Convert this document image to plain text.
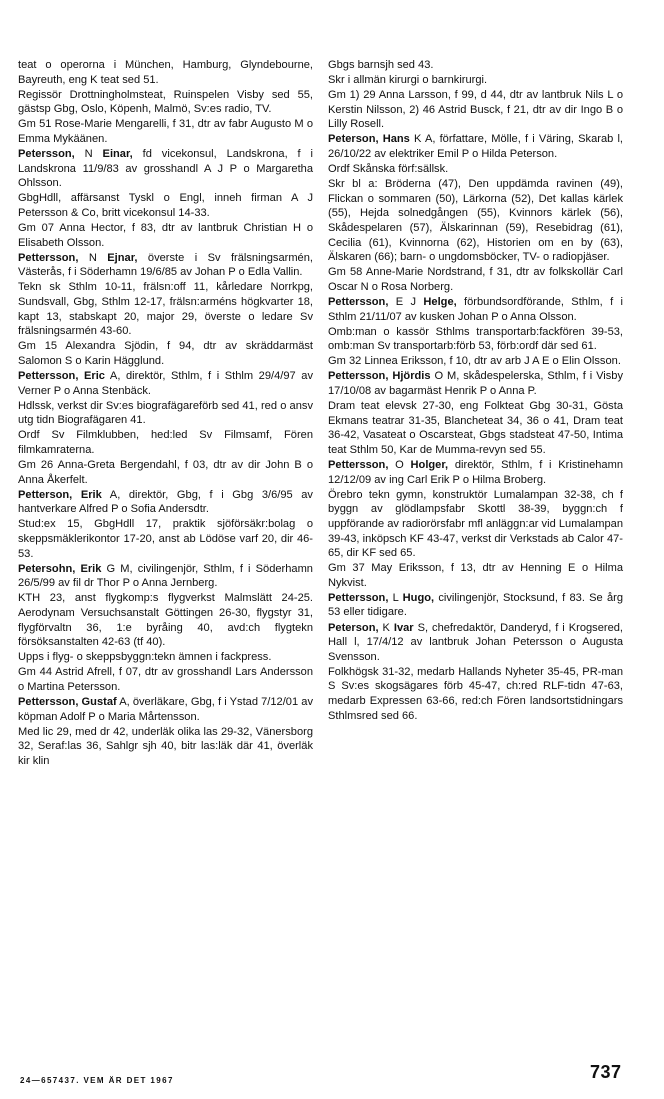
teat o operorna i München, Hamburg, Glyndebourne, Bayreuth, eng K teat sed 51.

Regissör Drottningholmsteat, Ruinspelen Visby sed 55, gästsp Gbg, Oslo, Köpenh, Malmö, Sv:es radio, TV.

Gm 51 Rose-Marie Mengarelli, f 31, dtr av fabr Augusto M o Emma Mykäänen.

Petersson, N Einar, fd vicekonsul, Landskrona, f i Landskrona 11/9/83 av grosshandl A J P o Margaretha Ohlsson.

GbgHdll, affärsanst Tyskl o Engl, inneh firman A J Petersson & Co, britt vicekonsul 14-33.

Gm 07 Anna Hector, f 83, dtr av lantbruk Christian H o Elisabeth Olsson.

Pettersson, N Ejnar, överste i Sv frälsningsarmén, Västerås, f i Söderhamn 19/6/85 av Johan P o Edla Vallin.

Tekn sk Sthlm 10-11, frälsn:off 11, kårledare Norrkpg, Sundsvall, Gbg, Sthlm 12-17, frälsn:arméns högkvarter 18, kapt 13, stabskapt 20, major 29, överste o ledare Sv frälsningsarmén 43-60.

Gm 15 Alexandra Sjödin, f 94, dtr av skräddarmäst Salomon S o Karin Hägglund.

Pettersson, Eric A, direktör, Sthlm, f i Sthlm 29/4/97 av Verner P o Anna Stenbäck.

Hdlssk, verkst dir Sv:es biografägareförb sed 41, red o ansv utg tidn Biografägaren 41.

Ordf Sv Filmklubben, hed:led Sv Filmsamf, Fören filmkamraterna.

Gm 26 Anna-Greta Bergendahl, f 03, dtr av dir John B o Anna Åkerfelt.

Petterson, Erik A, direktör, Gbg, f i Gbg 3/6/95 av hantverkare Alfred P o Sofia Andersdtr.

Stud:ex 15, GbgHdll 17, praktik sjöförsäkr:bolag o skeppsmäklerikontor 17-20, anst ab Lödöse varf 20, dir 46-53.

Petersohn, Erik G M, civilingenjör, Sthlm, f i Söderhamn 26/5/99 av fil dr Thor P o Anna Jernberg.

KTH 23, anst flygkomp:s flygverkst Malmslätt 24-25. Aerodynam Versuchsanstalt Göttingen 26-30, flygstyr 31, flygförvaltn 36, 1:e byråing 40, avd:ch flygtekn försöksanstalten 42-63 (tf 40).

Upps i flyg- o skeppsbyggn:tekn ämnen i fackpress.

Gm 44 Astrid Afrell, f 07, dtr av grosshandl Lars Andersson o Martina Petersson.

Pettersson, Gustaf A, överläkare, Gbg, f i Ystad 7/12/01 av köpman Adolf P o Maria Mårtensson.

Med lic 29, med dr 42, underläk olika las 29-32, Vänersborg 32, Seraf:las 36, Sahlgr sjh 40, bitr las:läk där 41, överläk kir klin

Gbgs barnsjh sed 43.

Skr i allmän kirurgi o barnkirurgi.

Gm 1) 29 Anna Larsson, f 99, d 44, dtr av lantbruk Nils L o Kerstin Nilsson, 2) 46 Astrid Busck, f 21, dtr av dir Ingo B o Lilly Rosell.

Peterson, Hans K A, författare, Mölle, f i Väring, Skarab l, 26/10/22 av elektriker Emil P o Hilda Peterson.

Ordf Skånska förf:sällsk.

Skr bl a: Bröderna (47), Den uppdämda ravinen (49), Flickan o sommaren (50), Lärkorna (52), Det kallas kärlek (55), Hejda solnedgången (55), Kvinnors kärlek (56), Skådespelaren (57), Älskarinnan (59), Resebidrag (61), Cecilia (61), Kvinnorna (62), Historien om en by (63), Älskaren (66); barn- o ungdomsböcker, TV- o radiopjäser.

Gm 58 Anne-Marie Nordstrand, f 31, dtr av folkskollär Carl Oscar N o Rosa Norberg.

Pettersson, E J Helge, förbundsordförande, Sthlm, f i Sthlm 21/11/07 av kusken Johan P o Anna Olsson.

Omb:man o kassör Sthlms transportarb:fackfören 39-53, omb:man Sv transportarb:förb 53, förb:ordf där sed 61.

Gm 32 Linnea Eriksson, f 10, dtr av arb J A E o Elin Olsson.

Pettersson, Hjördis O M, skådespelerska, Sthlm, f i Visby 17/10/08 av bagarmäst Henrik P o Anna P.

Dram teat elevsk 27-30, eng Folkteat Gbg 30-31, Gösta Ekmans teatrar 31-35, Blancheteat 34, 36 o 41, Dram teat 36-42, Vasateat o Oscarsteat, Gbgs stadsteat 47-50, Intima teat Sthlm 50, Kar de Mumma-revyn sed 55.

Pettersson, O Holger, direktör, Sthlm, f i Kristinehamn 12/12/09 av ing Carl Erik P o Hilma Broberg.

Örebro tekn gymn, konstruktör Lumalampan 32-38, ch f byggn av glödlampsfabr Skottl 38-39, byggn:ch f uppförande av radiorörsfabr mfl anläggn:ar vid Lumalampan 39-43, inköpsch KF 43-47, verkst dir Verkstads ab Calor 47-65, dir KF sed 65.

Gm 37 May Eriksson, f 13, dtr av Henning E o Hilma Nykvist.

Pettersson, L Hugo, civilingenjör, Stocksund, f 83. Se årg 53 eller tidigare.

Peterson, K Ivar S, chefredaktör, Danderyd, f i Krogsered, Hall l, 17/4/12 av lantbruk Johan Petersson o Augusta Svensson.

Folkhögsk 31-32, medarb Hallands Nyheter 35-45, PR-man S Sv:es skogsägares förb 45-47, ch:red RLF-tidn 47-63, medarb Expressen 63-66, red:ch Fören landsortstidningars Sthlmsred sed 66.

24—657437. VEM ÄR DET 1967	737
